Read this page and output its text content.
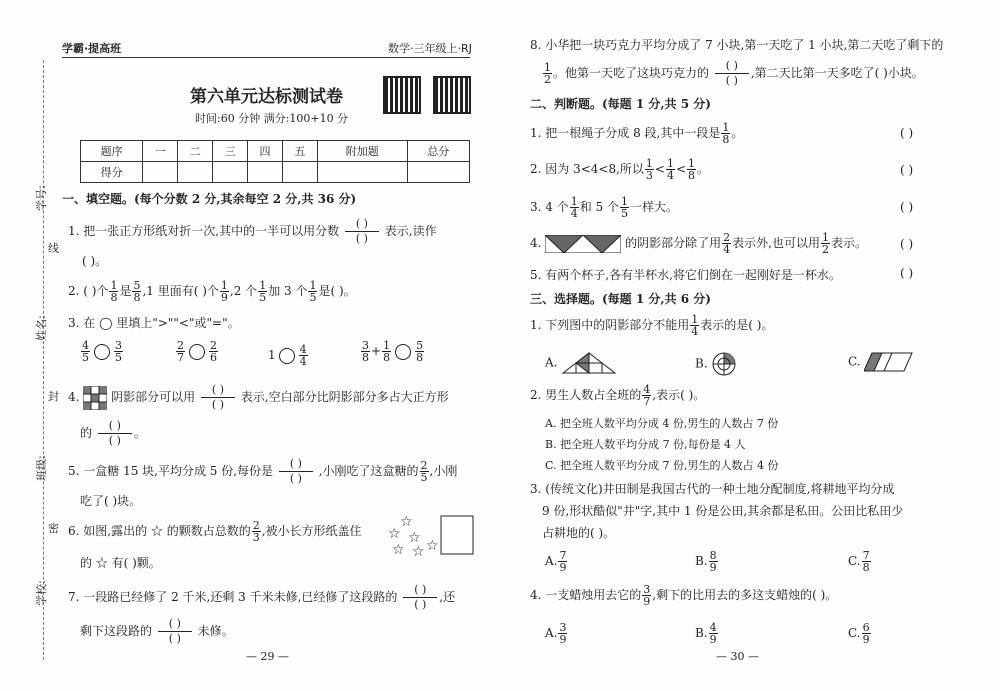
学号:
姓名:
班级:
学校:
线
封
密
学霸·提高班	数学·三年级上·RJ
第六单元达标测试卷
时间:60 分钟 满分:100+10 分
题序	一	二	三	四	五	附加题	总分
得分							
一、填空题。(每个分数 2 分,其余每空 2 分,共 36 分)
1. 把一张正方形纸对折一次,其中的一半可以用分数
( )
( )
表示,读作
( )。
2. ( )个 $\frac{1}{8}$ 是 $\frac{5}{8} ,1$ 里面有( )个 $\frac{1}{9} ,2$ 个 $\frac{1}{5}$ 加 3 个 $\frac{1}{5}$ 是( )。
3. 在 ◯ 里填上">""<"或"="。
$\frac{4}{5} \frac{3}{5}$	$\frac{2}{7} \frac{2}{6}$	$1 \frac{4}{4}$	$\frac{3}{8} + \frac{1}{8} \frac{5}{8}$
4.	阴影部分可以用
( )
( )
表示,空白部分比阴影部分多占大正方形
的
( )
( )
。
5. 一盒糖 15 块,平均分成 5 份,每份是
( )
( )
,小刚吃了这盒糖的 $\frac{2}{5}$ ,小刚
吃了( )块。
6. 如图,露出的 ☆ 的颗数占总数的 $\frac{2}{3}$ ,被小长方形纸盖住
的 ☆ 有( )颗。
☆
☆ ☆
☆ ☆ ☆
7. 一段路已经修了 2 千米,还剩 3 千米未修,已经修了这段路的
( )
( )
,还
剩下这段路的
( )
( )
未修。
— 29 —
8. 小华把一块巧克力平均分成了 7 小块,第一天吃了 1 小块,第二天吃了剩下的
$\frac{1}{2}$ 。他第一天吃了这块巧克力的
( )
( )
,第二天比第一天多吃了( )小块。
二、判断题。(每题 1 分,共 5 分)
1. 把一根绳子分成 8 段,其中一段是 $\frac{1}{8}$ 。	( )
2. 因为 3<4<8,所以 $\frac{1}{3} < \frac{1}{4} < \frac{1}{8}$ 。	( )
3. 4 个 $\frac{1}{4}$ 和 5 个 $\frac{1}{5}$ 一样大。	( )
4.	的阴影部分除了用 $\frac{2}{4}$ 表示外,也可以用 $\frac{1}{2}$ 表示。	( )
5. 有两个杯子,各有半杯水,将它们倒在一起刚好是一杯水。	( )
三、选择题。(每题 1 分,共 6 分)
1. 下列图中的阴影部分不能用 $\frac{1}{4}$ 表示的是( )。
A.	B.	C.
2. 男生人数占全班的 $\frac{4}{7}$ ,表示( )。
A. 把全班人数平均分成 4 份,男生的人数占 7 份
B. 把全班人数平均分成 7 份,每份是 4 人
C. 把全班人数平均分成 7 份,男生的人数占 4 份
3. (传统文化)井田制是我国古代的一种土地分配制度,将耕地平均分成
9 份,形状酷似"井"字,其中 1 份是公田,其余都是私田。公田比私田少
占耕地的( )。
A. $\frac{7}{9}$	B. $\frac{8}{9}$	C. $\frac{7}{8}$
4. 一支蜡烛用去它的 $\frac{3}{9}$ ,剩下的比用去的多这支蜡烛的( )。
A. $\frac{3}{9}$	B. $\frac{4}{9}$	C. $\frac{6}{9}$
— 30 —
